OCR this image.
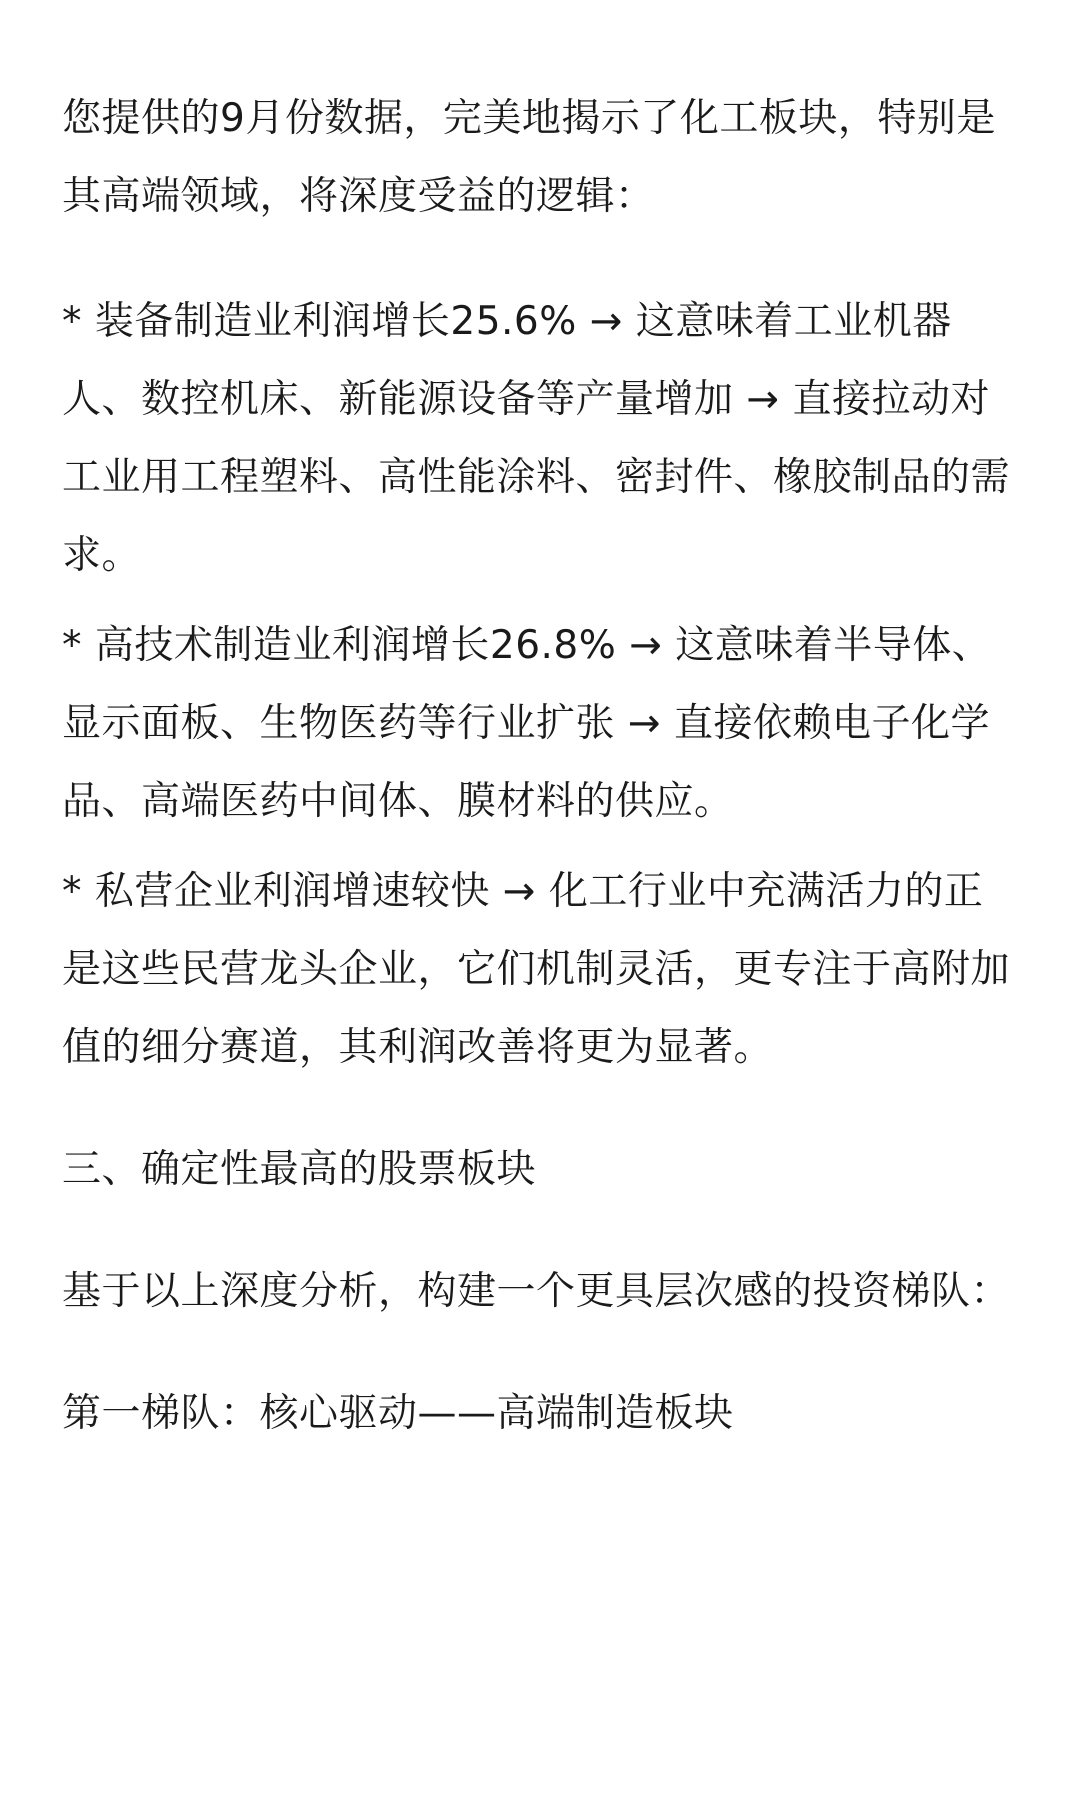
您提供的9月份数据，完美地揭示了化工板块，特别是其高端领域，将深度受益的逻辑：

* 装备制造业利润增长25.6% → 这意味着工业机器人、数控机床、新能源设备等产量增加 → 直接拉动对工业用工程塑料、高性能涂料、密封件、橡胶制品的需求。

* 高技术制造业利润增长26.8% → 这意味着半导体、显示面板、生物医药等行业扩张 → 直接依赖电子化学品、高端医药中间体、膜材料的供应。

* 私营企业利润增速较快 → 化工行业中充满活力的正是这些民营龙头企业，它们机制灵活，更专注于高附加值的细分赛道，其利润改善将更为显著。

三、确定性最高的股票板块

基于以上深度分析，构建一个更具层次感的投资梯队：

第一梯队：核心驱动——高端制造板块
